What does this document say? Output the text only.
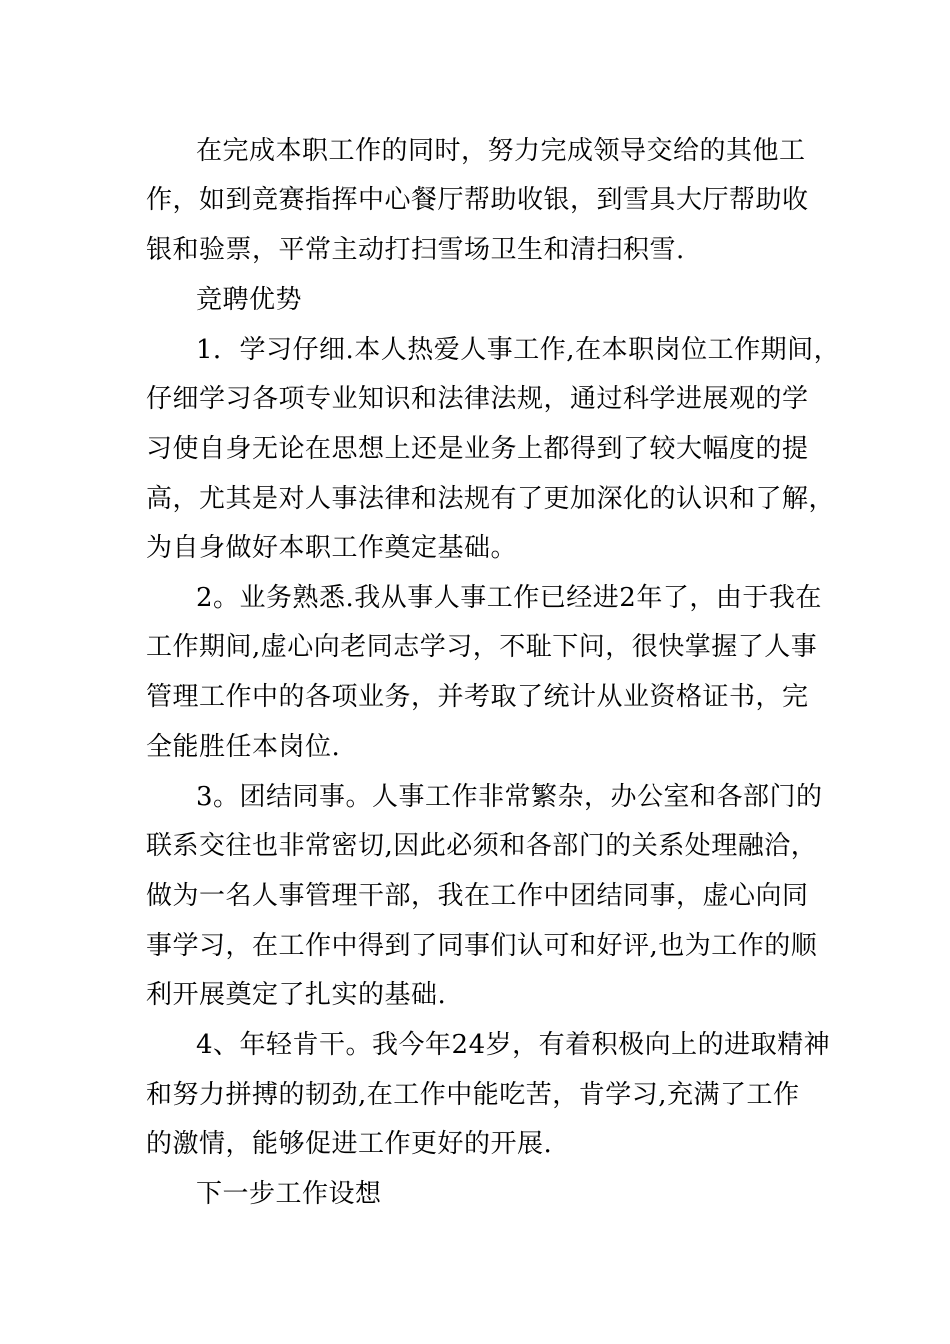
在完成本职工作的同时，努力完成领导交给的其他工
作，如到竞赛指挥中心餐厅帮助收银，到雪具大厅帮助收
银和验票，平常主动打扫雪场卫生和清扫积雪.
竞聘优势
1．学习仔细.本人热爱人事工作,在本职岗位工作期间，
仔细学习各项专业知识和法律法规，通过科学进展观的学
习使自身无论在思想上还是业务上都得到了较大幅度的提
高，尤其是对人事法律和法规有了更加深化的认识和了解，
为自身做好本职工作奠定基础。
2。业务熟悉.我从事人事工作已经进2年了，由于我在
工作期间,虚心向老同志学习，不耻下问，很快掌握了人事
管理工作中的各项业务，并考取了统计从业资格证书，完
全能胜任本岗位.
3。团结同事。人事工作非常繁杂，办公室和各部门的
联系交往也非常密切,因此必须和各部门的关系处理融洽，
做为一名人事管理干部，我在工作中团结同事，虚心向同
事学习，在工作中得到了同事们认可和好评,也为工作的顺
利开展奠定了扎实的基础.
4、年轻肯干。我今年24岁，有着积极向上的进取精神
和努力拼搏的韧劲,在工作中能吃苦，肯学习,充满了工作
的激情，能够促进工作更好的开展.
下一步工作设想
